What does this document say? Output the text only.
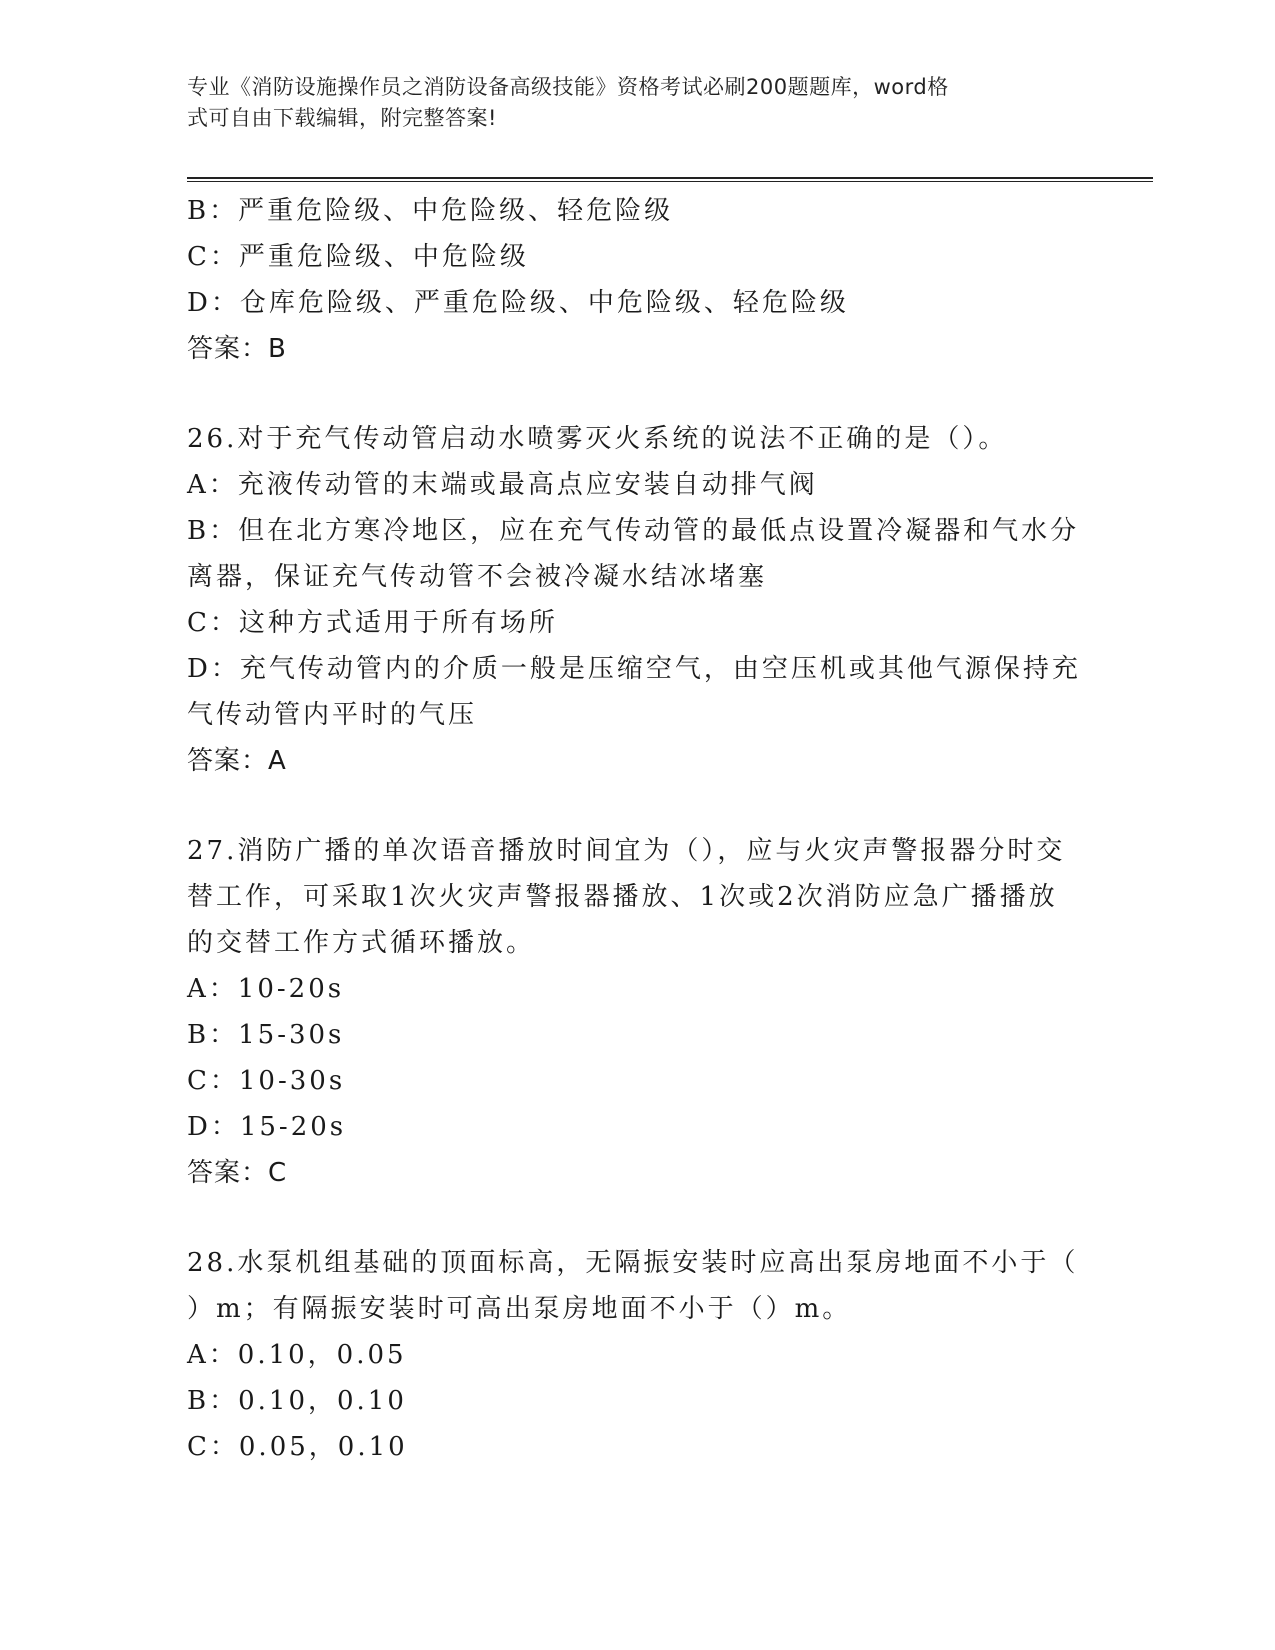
专业《消防设施操作员之消防设备高级技能》资格考试必刷200题题库，word格
式可自由下载编辑，附完整答案!
B：严重危险级、中危险级、轻危险级
C：严重危险级、中危险级
D：仓库危险级、严重危险级、中危险级、轻危险级
答案：B
26.对于充气传动管启动水喷雾灭火系统的说法不正确的是（）。
A：充液传动管的末端或最高点应安装自动排气阀
B：但在北方寒冷地区，应在充气传动管的最低点设置冷凝器和气水分
离器，保证充气传动管不会被冷凝水结冰堵塞
C：这种方式适用于所有场所
D：充气传动管内的介质一般是压缩空气，由空压机或其他气源保持充
气传动管内平时的气压
答案：A
27.消防广播的单次语音播放时间宜为（），应与火灾声警报器分时交
替工作，可采取1次火灾声警报器播放、1次或2次消防应急广播播放
的交替工作方式循环播放。
A：10-20s
B：15-30s
C：10-30s
D：15-20s
答案：C
28.水泵机组基础的顶面标高，无隔振安装时应高出泵房地面不小于（
）m；有隔振安装时可高出泵房地面不小于（）m。
A：0.10，0.05
B：0.10，0.10
C：0.05，0.10
